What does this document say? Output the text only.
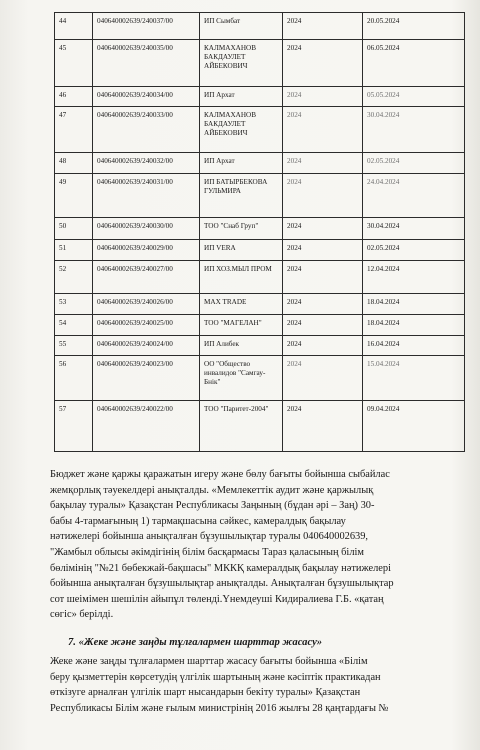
44	040640002639/240037/00	ИП Сымбат	2024	20.05.2024
45	040640002639/240035/00	КАЛМАХАНОВ БАКДАУЛЕТ АЙБЕКОВИЧ	2024	06.05.2024
46	040640002639/240034/00	ИП Архат	2024	05.05.2024
47	040640002639/240033/00	КАЛМАХАНОВ БАКДАУЛЕТ АЙБЕКОВИЧ	2024	30.04.2024
48	040640002639/240032/00	ИП Архат	2024	02.05.2024
49	040640002639/240031/00	ИП БАТЫРБЕКОВА ГУЛЬМИРА	2024	24.04.2024
50	040640002639/240030/00	ТОО "Снаб Груп"	2024	30.04.2024
51	040640002639/240029/00	ИП VERA	2024	02.05.2024
52	040640002639/240027/00	ИП ХОЗ.МЫЛ ПРОМ	2024	12.04.2024
53	040640002639/240026/00	MAX TRADE	2024	18.04.2024
54	040640002639/240025/00	ТОО "МАГЕЛАН"	2024	18.04.2024
55	040640002639/240024/00	ИП Алибек	2024	16.04.2024
56	040640002639/240023/00	ОО "Общество инвалидов "Самгау-Бнік"	2024	15.04.2024
57	040640002639/240022/00	ТОО "Паритет-2004"	2024	09.04.2024
Бюджет және қаржы қаражатын игеру және бөлу бағыты бойынша сыбайлас
жемқорлық тәуекелдері анықталды. «Мемлекеттік аудит және қаржылық
бақылау туралы» Қазақстан Республикасы Заңының (бұдан әрі – Заң) 30-
бабы 4-тармағының 1) тармақшасына сәйкес, камералдық бақылау
нәтижелері бойынша анықталған бұзушылықтар туралы 040640002639,
"Жамбыл облысы әкімдігінің білім басқармасы Тараз қаласының білім
бөлімінің "№21 бөбекжай-бақшасы" МККҚ камералдық бақылау нәтижелері
бойынша анықталған бұзушылықтар анықталды. Анықталған бұзушылықтар
сот шеімімен шешілін айыпұл төленді.Үнемдеуші Кидиралиева Г.Б. «қатаң
сөгіс» берілді.
7. «Жеке және заңды тұлғалармен шарттар жасасу»
Жеке және заңды тұлғалармен шарттар жасасу бағыты бойынша «Білім
беру қызметтерін көрсетудің үлгілік шартының және кәсіптік практикадан
өткізуге арналған үлгілік шарт нысандарын бекіту туралы» Қазақстан
Республикасы Білім және ғылым министрінің 2016 жылғы 28 қаңтардағы №
